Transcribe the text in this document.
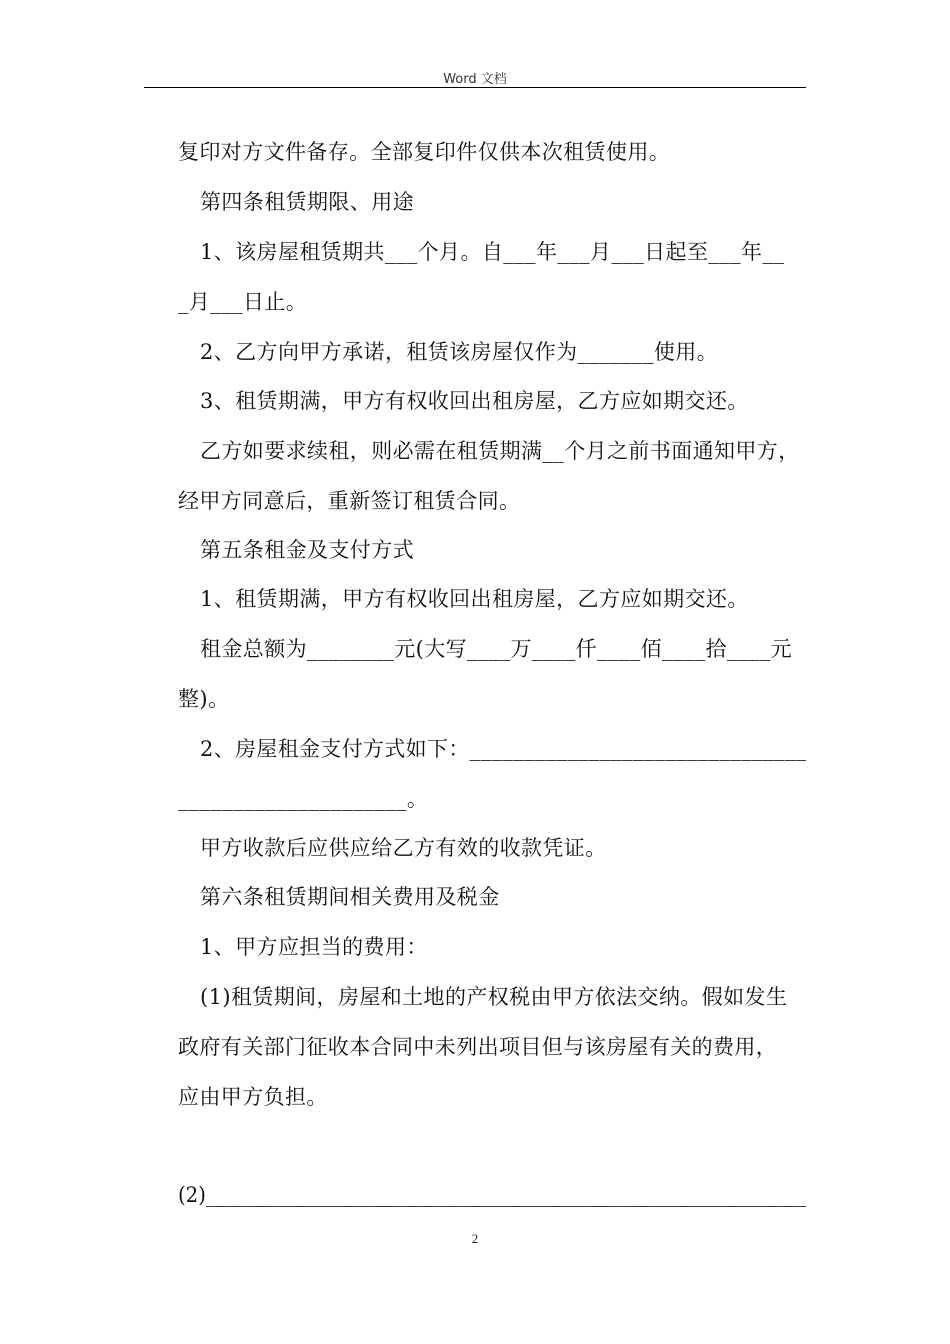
Word 文档
复印对方文件备存。全部复印件仅供本次租赁使用。
第四条租赁期限、用途
1、该房屋租赁期共___个月。自___年___月___日起至___年__
_月___日止。
2、乙方向甲方承诺，租赁该房屋仅作为_______使用。
3、租赁期满，甲方有权收回出租房屋，乙方应如期交还。
乙方如要求续租，则必需在租赁期满__个月之前书面通知甲方，
经甲方同意后，重新签订租赁合同。
第五条租金及支付方式
1、租赁期满，甲方有权收回出租房屋，乙方应如期交还。
租金总额为________元(大写____万____仟____佰____拾____元
整)。
2、房屋租金支付方式如下：_______________________________
_____________________。
甲方收款后应供应给乙方有效的收款凭证。
第六条租赁期间相关费用及税金
1、甲方应担当的费用：
(1)租赁期间，房屋和土地的产权税由甲方依法交纳。假如发生
政府有关部门征收本合同中未列出项目但与该房屋有关的费用，
应由甲方负担。
(2)_____________________________________________________________
2
